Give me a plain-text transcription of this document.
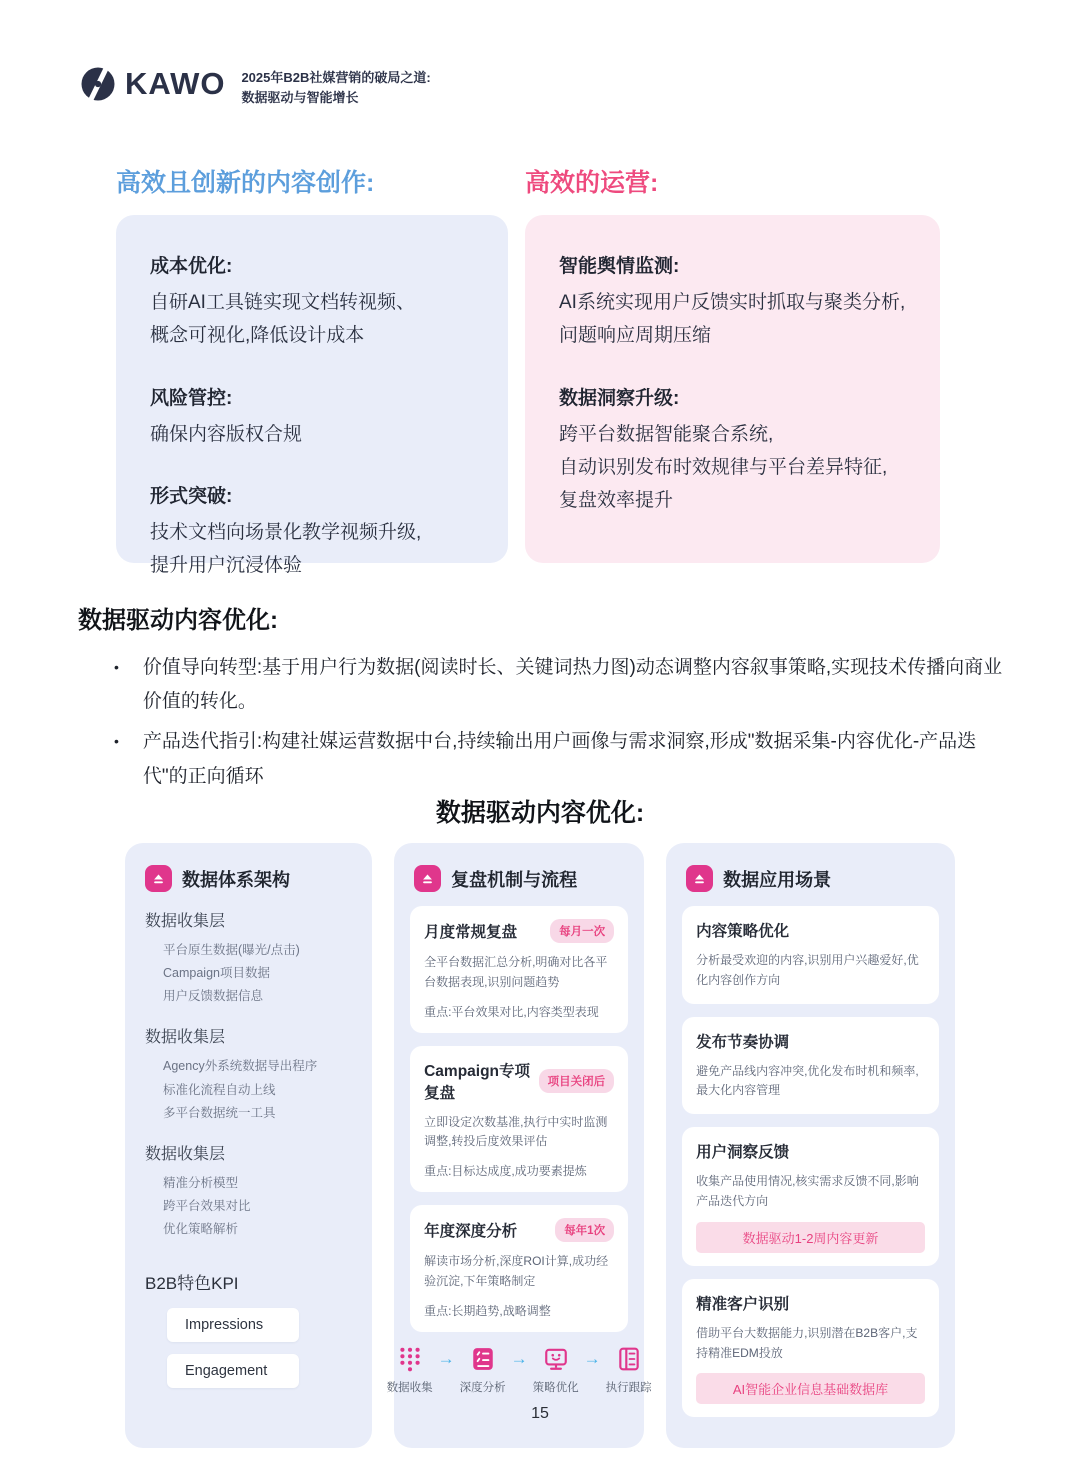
KAWO 2025年B2B社媒营销的破局之道:
数据驱动与智能增长
高效且创新的内容创作:
成本优化:

自研AI工具链实现文档转视频、

概念可视化,降低设计成本

风险管控:

确保内容版权合规

形式突破:

技术文档向场景化教学视频升级,

提升用户沉浸体验

高效的运营:
智能舆情监测:

AI系统实现用户反馈实时抓取与聚类分析,

问题响应周期压缩

数据洞察升级:

跨平台数据智能聚合系统,

自动识别发布时效规律与平台差异特征,

复盘效率提升

数据驱动内容优化:
• 价值导向转型:基于用户行为数据(阅读时长、关键词热力图)动态调整内容叙事策略,实现技术传播向商业价值的转化。
• 产品迭代指引:构建社媒运营数据中台,持续输出用户画像与需求洞察,形成"数据采集-内容优化-产品迭代"的正向循环
数据驱动内容优化:
数据体系架构
数据收集层
平台原生数据(曝光/点击)
Campaign项目数据
用户反馈数据信息
数据收集层
Agency外系统数据导出程序
标准化流程自动上线
多平台数据统一工具
数据收集层
精准分析模型
跨平台效果对比
优化策略解析
B2B特色KPI
Impressions
Engagement
复盘机制与流程
月度常规复盘	每月一次
全平台数据汇总分析,明确对比各平台数据表现,识别问题趋势
重点:平台效果对比,内容类型表现
Campaign专项复盘
项目关闭后
立即设定次数基准,执行中实时监测调整,转投后度效果评估
重点:目标达成度,成功要素提炼
年度深度分析	每年1次
解读市场分析,深度ROI计算,成功经验沉淀,下年策略制定
重点:长期趋势,战略调整
数据收集
→
深度分析
→
策略优化
→
执行跟踪
数据应用场景
内容策略优化
分析最受欢迎的内容,识别用户兴趣爱好,优化内容创作方向
发布节奏协调
避免产品线内容冲突,优化发布时机和频率,最大化内容管理
用户洞察反馈
收集产品使用情况,核实需求反馈不同,影响产品迭代方向
数据驱动1-2周内容更新
精准客户识别
借助平台大数据能力,识别潜在B2B客户,支持精准EDM投放
AI智能企业信息基础数据库
15
